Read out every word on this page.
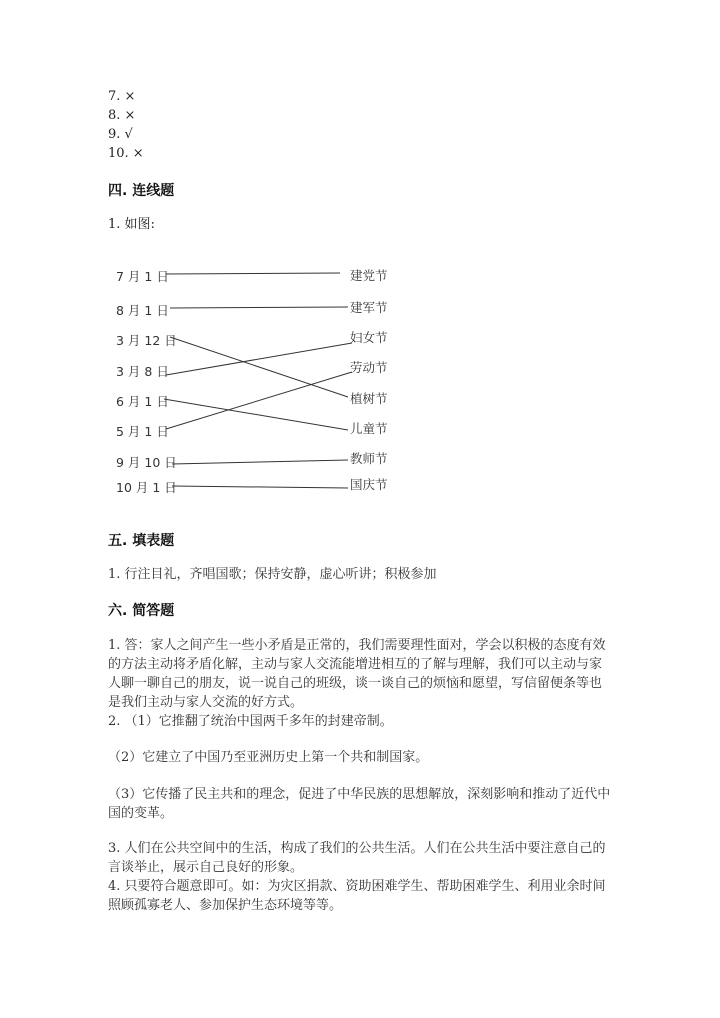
7. ×
8. ×
9. √
10. ×
四. 连线题
1. 如图:
7 月 1 日
8 月 1 日
3 月 12 日
3 月 8 日
6 月 1 日
5 月 1 日
9 月 10 日
10 月 1 日
建党节
建军节
妇女节
劳动节
植树节
儿童节
教师节
国庆节
五. 填表题
1. 行注目礼，齐唱国歌；保持安静，虚心听讲；积极参加
六. 简答题
1. 答：家人之间产生一些小矛盾是正常的，我们需要理性面对，学会以积极的态度有效的方法主动将矛盾化解，主动与家人交流能增进相互的了解与理解，我们可以主动与家人聊一聊自己的朋友，说一说自己的班级，谈一谈自己的烦恼和愿望，写信留便条等也是我们主动与家人交流的好方式。
2. （1）它推翻了统治中国两千多年的封建帝制。
（2）它建立了中国乃至亚洲历史上第一个共和制国家。
（3）它传播了民主共和的理念，促进了中华民族的思想解放，深刻影响和推动了近代中国的变革。
3. 人们在公共空间中的生活，构成了我们的公共生活。人们在公共生活中要注意自己的言谈举止，展示自己良好的形象。
4. 只要符合题意即可。如：为灾区捐款、资助困难学生、帮助困难学生、利用业余时间照顾孤寡老人、参加保护生态环境等等。
